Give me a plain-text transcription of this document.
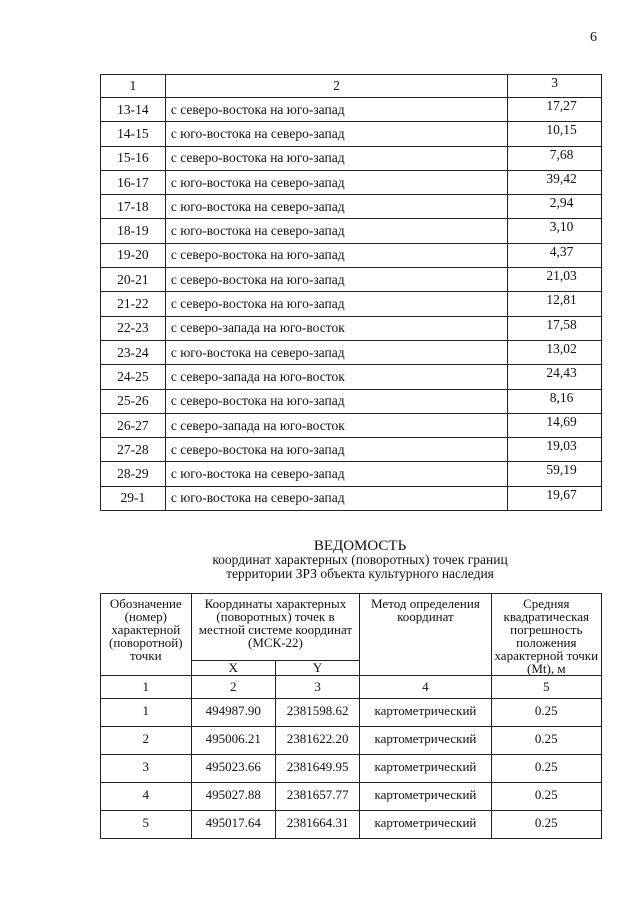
6
1	2	3
13-14	с северо-востока на юго-запад	17,27
14-15	с юго-востока на северо-запад	10,15
15-16	с северо-востока на юго-запад	7,68
16-17	с юго-востока на северо-запад	39,42
17-18	с юго-востока на северо-запад	2,94
18-19	с юго-востока на северо-запад	3,10
19-20	с северо-востока на юго-запад	4,37
20-21	с северо-востока на юго-запад	21,03
21-22	с северо-востока на юго-запад	12,81
22-23	с северо-запада на юго-восток	17,58
23-24	с юго-востока на северо-запад	13,02
24-25	с северо-запада на юго-восток	24,43
25-26	с северо-востока на юго-запад	8,16
26-27	с северо-запада на юго-восток	14,69
27-28	с северо-востока на юго-запад	19,03
28-29	с юго-востока на северо-запад	59,19
29-1	с юго-востока на северо-запад	19,67
ВЕДОМОСТЬ
координат характерных (поворотных) точек границ
территории ЗРЗ объекта культурного наследия
Обозначение (номер) характерной (поворотной) точки	Координаты характерных (поворотных) точек в местной системе координат (МСК-22)		Метод определения координат	Средняя квадратическая погрешность положения характерной точки (Mt), м
	X	Y		
1	2	3	4	5
1	494987.90	2381598.62	картометрический	0.25
2	495006.21	2381622.20	картометрический	0.25
3	495023.66	2381649.95	картометрический	0.25
4	495027.88	2381657.77	картометрический	0.25
5	495017.64	2381664.31	картометрический	0.25
